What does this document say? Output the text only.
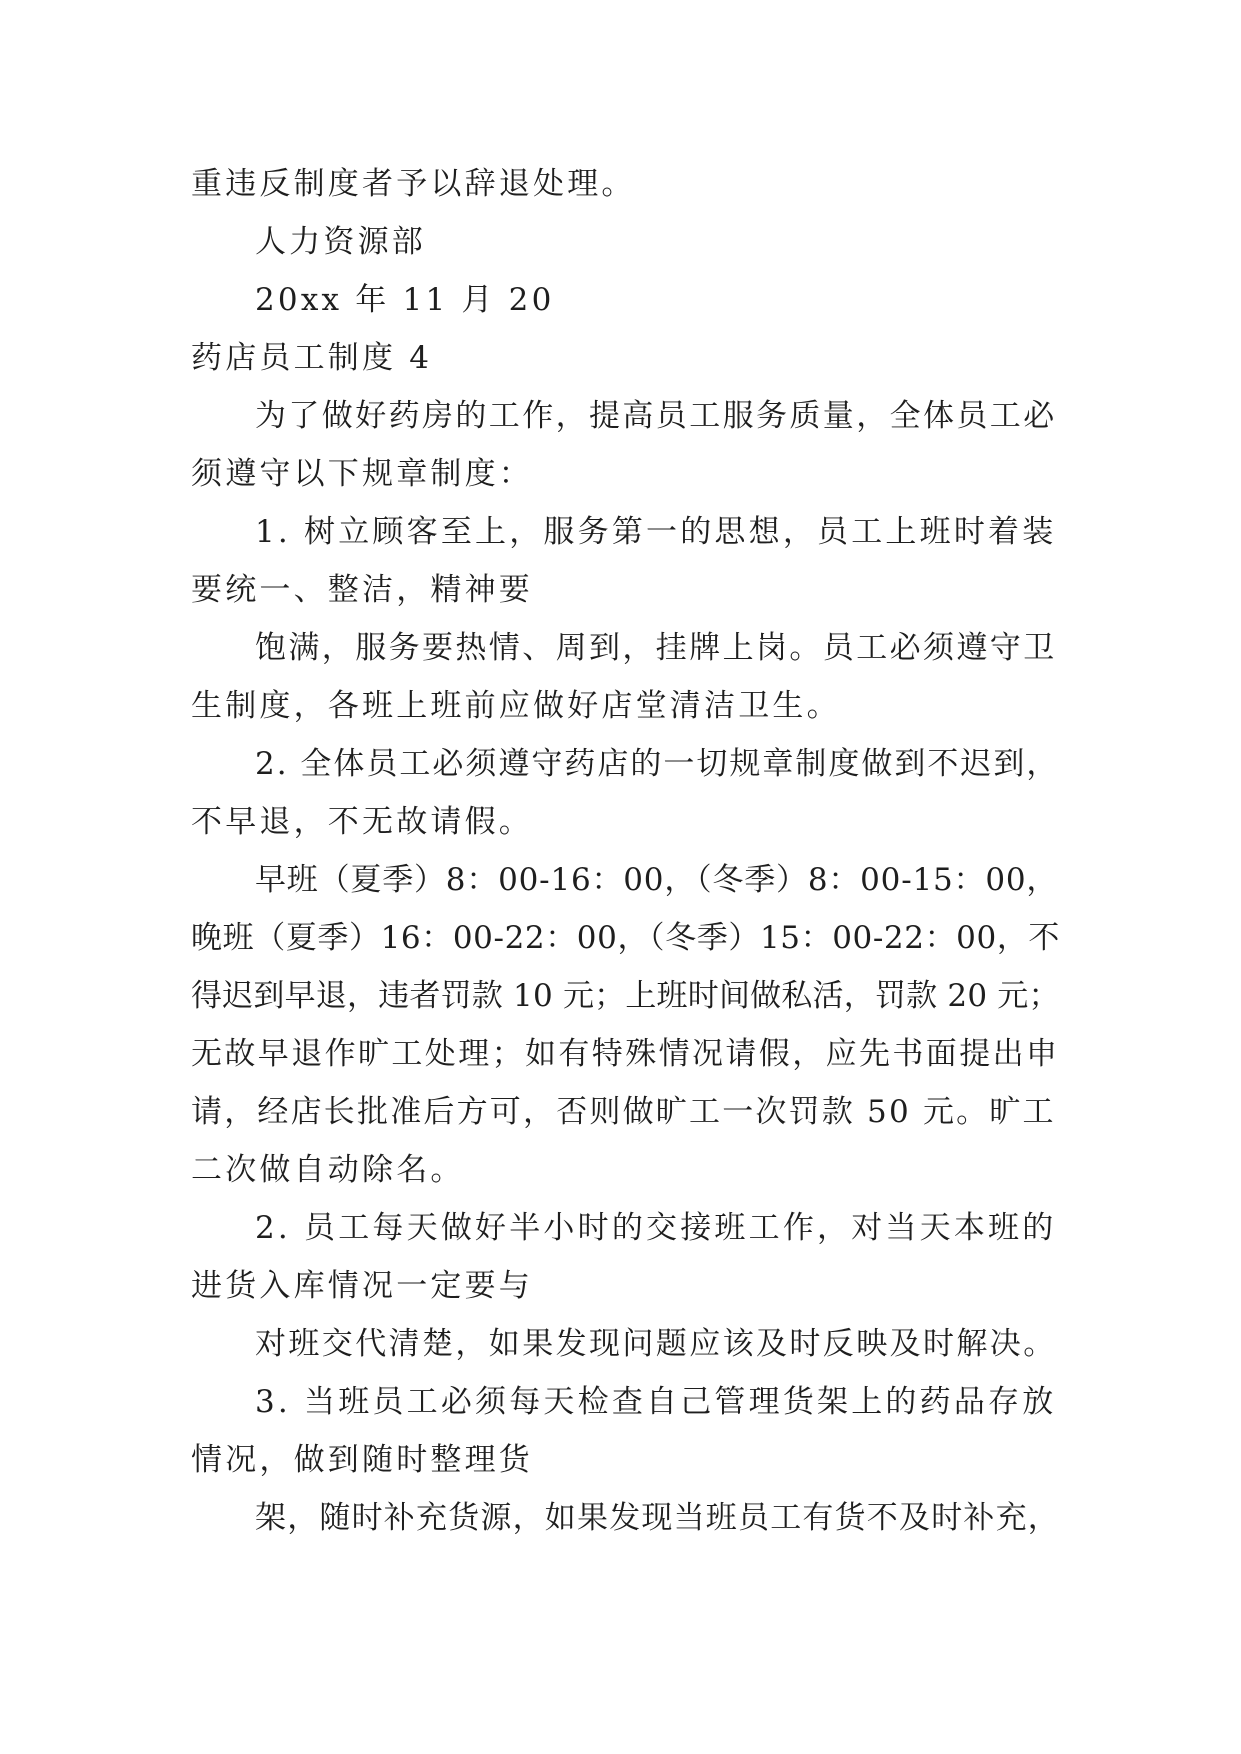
重违反制度者予以辞退处理。
人力资源部
20xx 年 11 月 20
药店员工制度 4
为了做好药房的工作，提高员工服务质量，全体员工必
须遵守以下规章制度：
1. 树立顾客至上，服务第一的思想，员工上班时着装
要统一、整洁，精神要
饱满，服务要热情、周到，挂牌上岗。员工必须遵守卫
生制度，各班上班前应做好店堂清洁卫生。
2. 全体员工必须遵守药店的一切规章制度做到不迟到，
不早退，不无故请假。
早班（夏季）8：00-16：00，（冬季）8：00-15：00，
晚班（夏季）16：00-22：00，（冬季）15：00-22：00，不
得迟到早退，违者罚款 10 元；上班时间做私活，罚款 20 元；
无故早退作旷工处理；如有特殊情况请假，应先书面提出申
请，经店长批准后方可，否则做旷工一次罚款 50 元。旷工
二次做自动除名。
2. 员工每天做好半小时的交接班工作，对当天本班的
进货入库情况一定要与
对班交代清楚，如果发现问题应该及时反映及时解决。
3. 当班员工必须每天检查自己管理货架上的药品存放
情况，做到随时整理货
架，随时补充货源，如果发现当班员工有货不及时补充，
